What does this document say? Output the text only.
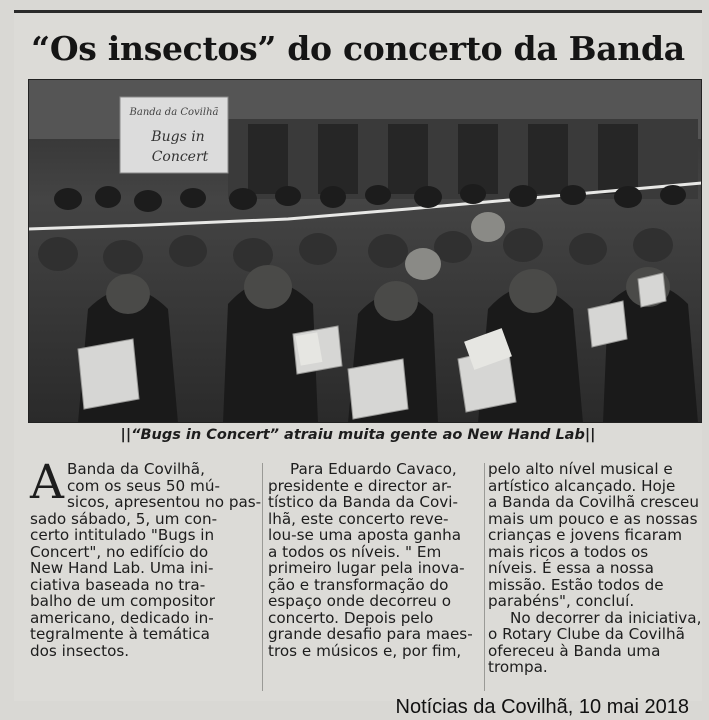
“Os insectos” do concerto da Banda
Banda da Covilhã
Bugs in
Concert
||“Bugs in Concert” atraiu muita gente ao New Hand Lab||
A Banda da Covilhã,
com os seus 50 mú-
sicos, apresentou no pas-
sado sábado, 5, um con-
certo intitulado "Bugs in
Concert", no edifício do
New Hand Lab. Uma ini-
ciativa baseada no tra-
balho de um compositor
americano, dedicado in-
tegralmente à temática
dos insectos.
Para Eduardo Cavaco,
presidente e director ar-
tístico da Banda da Covi-
lhã, este concerto reve-
lou-se uma aposta ganha
a todos os níveis. " Em
primeiro lugar pela inova-
ção e transformação do
espaço onde decorreu o
concerto. Depois pelo
grande desafio para maes-
tros e músicos e, por fim,
pelo alto nível musical e
artístico alcançado. Hoje
a Banda da Covilhã cresceu
mais um pouco e as nossas
crianças e jovens ficaram
mais ricos a todos os
níveis. É essa a nossa
missão. Estão todos de
parabéns", concluí.
No decorrer da iniciativa,
o Rotary Clube da Covilhã
ofereceu à Banda uma
trompa.
Notícias da Covilhã, 10 mai 2018
